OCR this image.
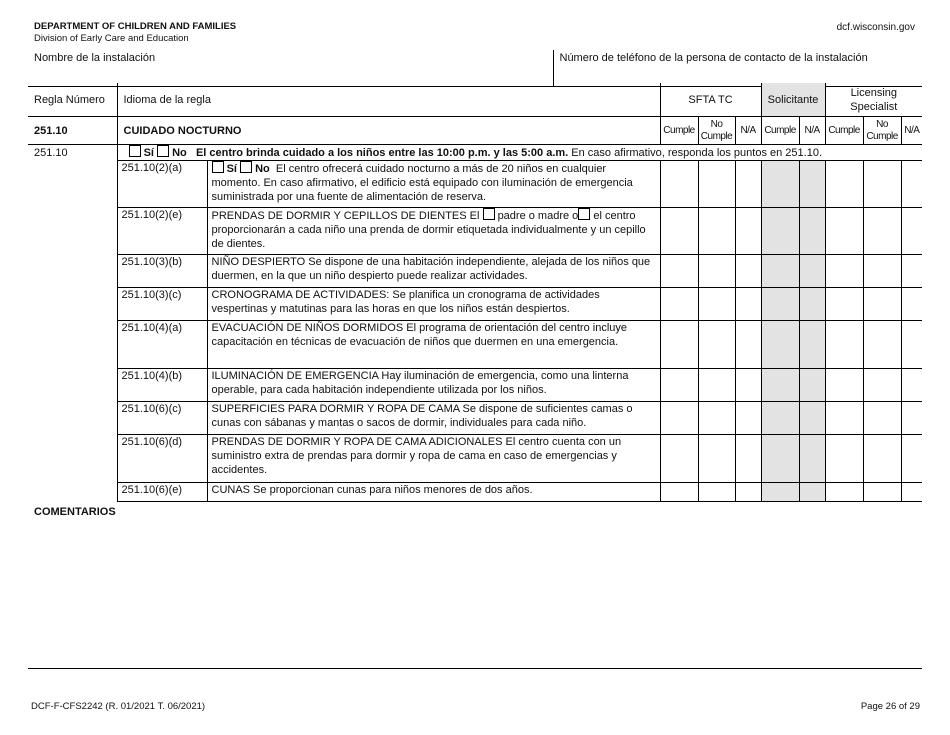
DEPARTMENT OF CHILDREN AND FAMILIES
Division of Early Care and Education
dcf.wisconsin.gov
Nombre de la instalación	Número de teléfono de la persona de contacto de la instalación
Regla Número	Idioma de la regla		SFTA TC			Solicitante		Licensing Specialist		
251.10	CUIDADO NOCTURNO		Cumple	No Cumple	N/A	Cumple	N/A	Cumple	No Cumple	N/A
251.10	Sí No El centro brinda cuidado a los niños entre las 10:00 p.m. y las 5:00 a.m. En caso afirmativo, responda los puntos en 251.10.									
	251.10(2)(a)	Sí No El centro ofrecerá cuidado nocturno a más de 20 niños en cualquier momento. En caso afirmativo, el edificio está equipado con iluminación de emergencia suministrada por una fuente de alimentación de reserva.								
	251.10(2)(e)	PRENDAS DE DORMIR Y CEPILLOS DE DIENTES El padre o madre o el centro proporcionarán a cada niño una prenda de dormir etiquetada individualmente y un cepillo de dientes.								
	251.10(3)(b)	NIÑO DESPIERTO Se dispone de una habitación independiente, alejada de los niños que duermen, en la que un niño despierto puede realizar actividades.								
	251.10(3)(c)	CRONOGRAMA DE ACTIVIDADES: Se planifica un cronograma de actividades vespertinas y matutinas para las horas en que los niños están despiertos.								
	251.10(4)(a)	EVACUACIÓN DE NIÑOS DORMIDOS El programa de orientación del centro incluye capacitación en técnicas de evacuación de niños que duermen en una emergencia.								
	251.10(4)(b)	ILUMINACIÓN DE EMERGENCIA Hay iluminación de emergencia, como una linterna operable, para cada habitación independiente utilizada por los niños.								
	251.10(6)(c)	SUPERFICIES PARA DORMIR Y ROPA DE CAMA Se dispone de suficientes camas o cunas con sábanas y mantas o sacos de dormir, individuales para cada niño.								
	251.10(6)(d)	PRENDAS DE DORMIR Y ROPA DE CAMA ADICIONALES El centro cuenta con un suministro extra de prendas para dormir y ropa de cama en caso de emergencias y accidentes.								
	251.10(6)(e)	CUNAS Se proporcionan cunas para niños menores de dos años.								
COMENTARIOS
DCF-F-CFS2242 (R. 01/2021 T. 06/2021)	Page 26 of 29
